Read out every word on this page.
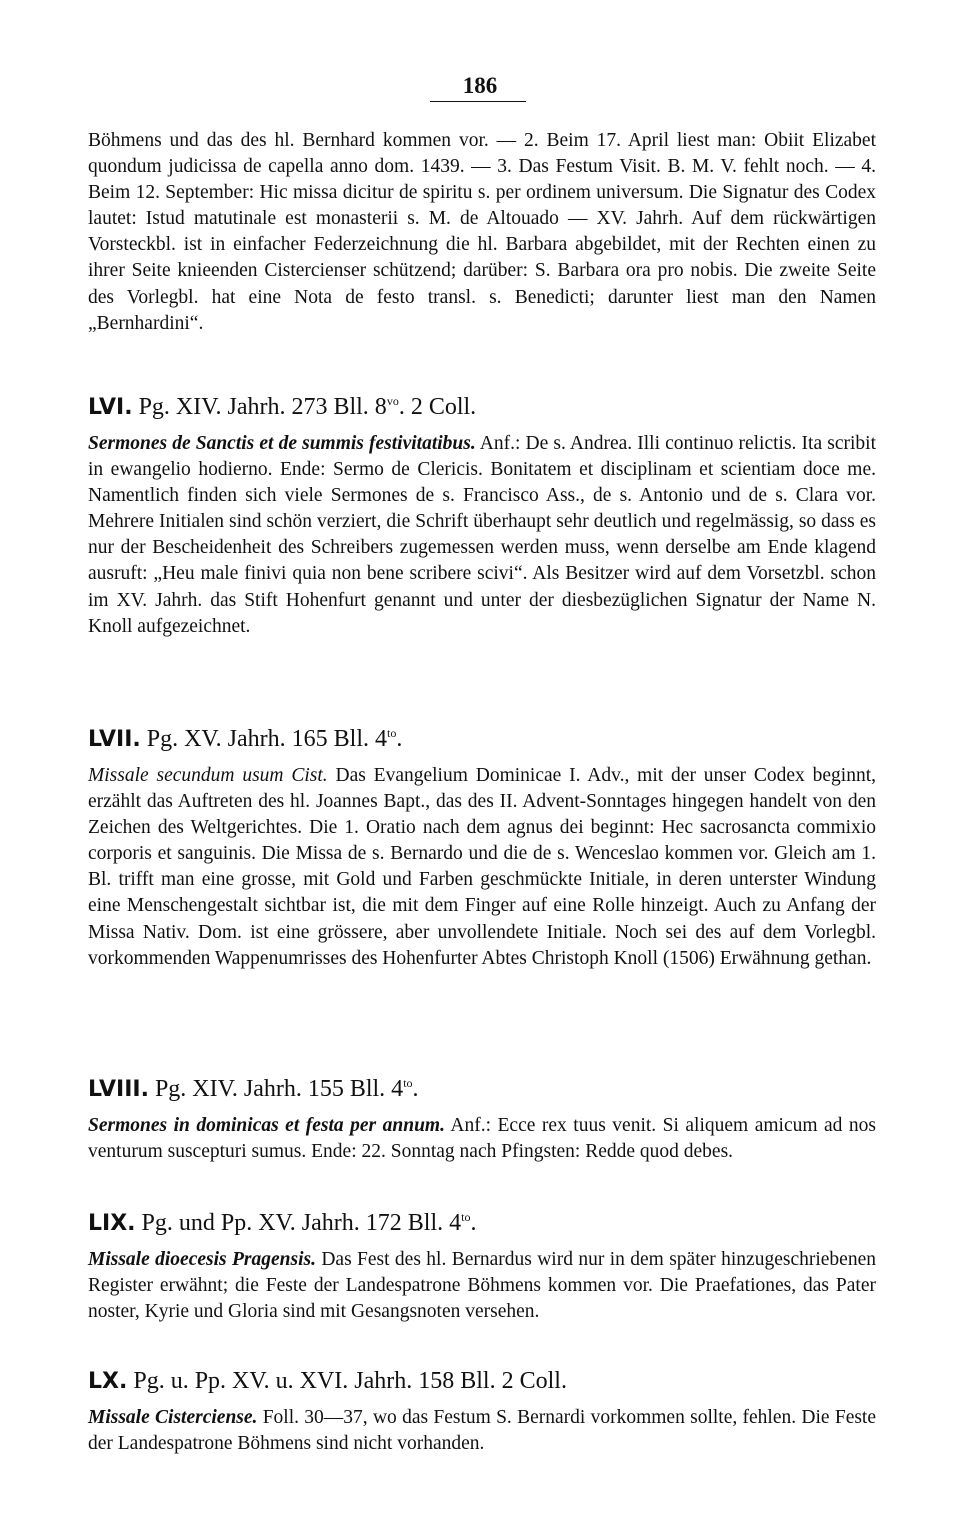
186

Böhmens und das des hl. Bernhard kommen vor. — 2. Beim 17. April liest man: Obiit Elizabet quondum judicissa de capella anno dom. 1439. — 3. Das Festum Visit. B. M. V. fehlt noch. — 4. Beim 12. September: Hic missa dicitur de spiritu s. per ordinem universum. Die Signatur des Codex lautet: Istud matutinale est monasterii s. M. de Altouado — XV. Jahrh. Auf dem rückwärtigen Vorsteckbl. ist in einfacher Federzeichnung die hl. Barbara abgebildet, mit der Rechten einen zu ihrer Seite knieenden Cistercienser schützend; darüber: S. Barbara ora pro nobis. Die zweite Seite des Vorlegbl. hat eine Nota de festo transl. s. Benedicti; darunter liest man den Namen „Bernhardini“.

LVI. Pg. XIV. Jahrh. 273 Bll. $8^{vo}$. 2 Coll.

Sermones de Sanctis et de summis festivitatibus. Anf.: De s. Andrea. Illi continuo relictis. Ita scribit in ewangelio hodierno. Ende: Sermo de Clericis. Bonitatem et disciplinam et scientiam doce me. Namentlich finden sich viele Sermones de s. Francisco Ass., de s. Antonio und de s. Clara vor. Mehrere Initialen sind schön verziert, die Schrift überhaupt sehr deutlich und regelmässig, so dass es nur der Bescheidenheit des Schreibers zugemessen werden muss, wenn derselbe am Ende klagend ausruft: „Heu male finivi quia non bene scribere scivi“. Als Besitzer wird auf dem Vorsetzbl. schon im XV. Jahrh. das Stift Hohenfurt genannt und unter der diesbezüglichen Signatur der Name N. Knoll aufgezeichnet.

LVII. Pg. XV. Jahrh. 165 Bll. $4^{to}$.

Missale secundum usum Cist. Das Evangelium Dominicae I. Adv., mit der unser Codex beginnt, erzählt das Auftreten des hl. Joannes Bapt., das des II. Advent-Sonntages hingegen handelt von den Zeichen des Weltgerichtes. Die 1. Oratio nach dem agnus dei beginnt: Hec sacrosancta commixio corporis et sanguinis. Die Missa de s. Bernardo und die de s. Wenceslao kommen vor. Gleich am 1. Bl. trifft man eine grosse, mit Gold und Farben geschmückte Initiale, in deren unterster Windung eine Menschengestalt sichtbar ist, die mit dem Finger auf eine Rolle hinzeigt. Auch zu Anfang der Missa Nativ. Dom. ist eine grössere, aber unvollendete Initiale. Noch sei des auf dem Vorlegbl. vorkommenden Wappenumrisses des Hohenfurter Abtes Christoph Knoll (1506) Erwähnung gethan.

LVIII. Pg. XIV. Jahrh. 155 Bll. $4^{to}$.

Sermones in dominicas et festa per annum. Anf.: Ecce rex tuus venit. Si aliquem amicum ad nos venturum suscepturi sumus. Ende: 22. Sonntag nach Pfingsten: Redde quod debes.

LIX. Pg. und Pp. XV. Jahrh. 172 Bll. $4^{to}$.

Missale dioecesis Pragensis. Das Fest des hl. Bernardus wird nur in dem später hinzugeschriebenen Register erwähnt; die Feste der Landespatrone Böhmens kommen vor. Die Praefationes, das Pater noster, Kyrie und Gloria sind mit Gesangsnoten versehen.

LX. Pg. u. Pp. XV. u. XVI. Jahrh. 158 Bll. 2 Coll.

Missale Cisterciense. Foll. 30—37, wo das Festum S. Bernardi vorkommen sollte, fehlen. Die Feste der Landespatrone Böhmens sind nicht vorhanden.
